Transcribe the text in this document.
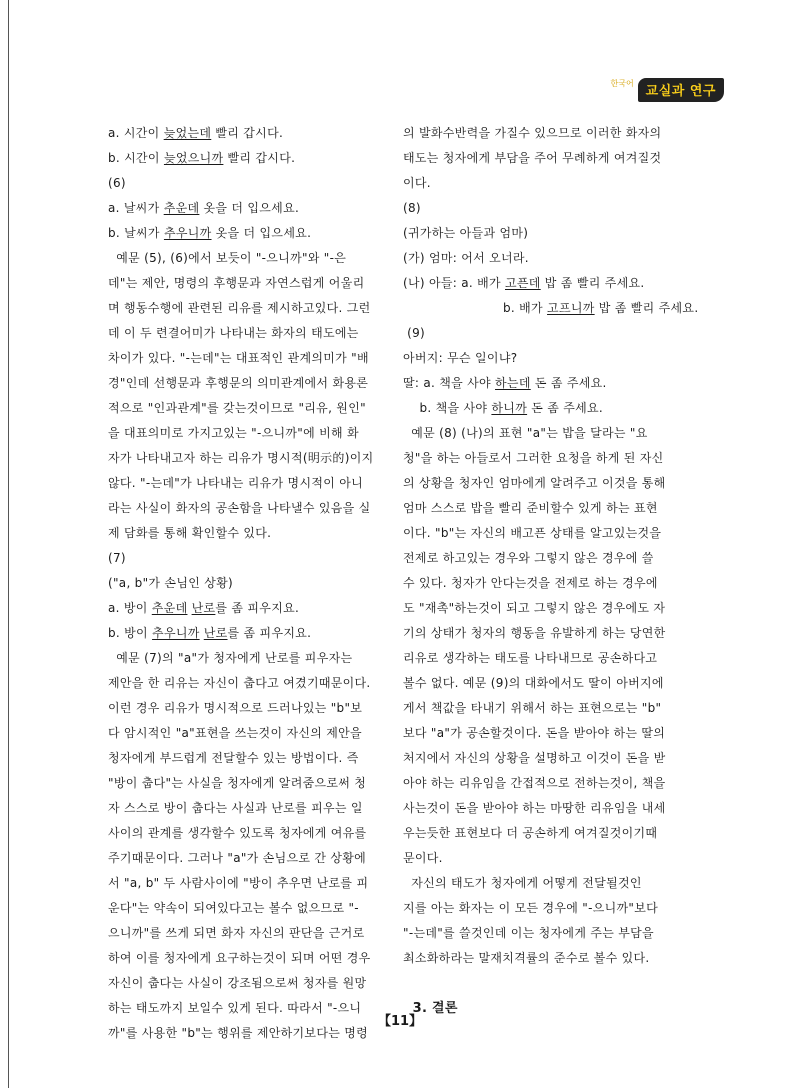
한국어
교실과 연구
a. 시간이 늦었는데 빨리 갑시다.
b. 시간이 늦었으니까 빨리 갑시다.
(6)
a. 날씨가 추운데 옷을 더 입으세요.
b. 날씨가 추우니까 옷을 더 입으세요.
예문 (5), (6)에서 보듯이 "-으니까"와 "-은
데"는 제안, 명령의 후행문과 자연스럽게 어울리
며 행동수행에 관련된 리유를 제시하고있다. 그런
데 이 두 련결어미가 나타내는 화자의 태도에는
차이가 있다. "-는데"는 대표적인 관계의미가 "배
경"인데 선행문과 후행문의 의미관계에서 화용론
적으로 "인과관계"를 갖는것이므로 "리유, 원인"
을 대표의미로 가지고있는 "-으니까"에 비해 화
자가 나타내고자 하는 리유가 명시적(明示的)이지
않다. "-는데"가 나타내는 리유가 명시적이 아니
라는 사실이 화자의 공손함을 나타낼수 있음을 실
제 담화를 통해 확인할수 있다.
(7)
("a, b"가 손님인 상황)
a. 방이 추운데 난로를 좀 피우지요.
b. 방이 추우니까 난로를 좀 피우지요.
예문 (7)의 "a"가 청자에게 난로를 피우자는
제안을 한 리유는 자신이 춥다고 여겼기때문이다.
이런 경우 리유가 명시적으로 드러나있는 "b"보
다 암시적인 "a"표현을 쓰는것이 자신의 제안을
청자에게 부드럽게 전달할수 있는 방법이다. 즉
"방이 춥다"는 사실을 청자에게 알려줌으로써 청
자 스스로 방이 춥다는 사실과 난로를 피우는 일
사이의 관계를 생각할수 있도록 청자에게 여유를
주기때문이다. 그러나 "a"가 손님으로 간 상황에
서 "a, b" 두 사람사이에 "방이 추우면 난로를 피
운다"는 약속이 되여있다고는 볼수 없으므로 "-
으니까"를 쓰게 되면 화자 자신의 판단을 근거로
하여 이를 청자에게 요구하는것이 되며 어떤 경우
자신이 춥다는 사실이 강조됨으로써 청자를 원망
하는 태도까지 보일수 있게 된다. 따라서 "-으니
까"를 사용한 "b"는 행위를 제안하기보다는 명령
의 발화수반력을 가질수 있으므로 이러한 화자의
태도는 청자에게 부담을 주어 무례하게 여겨질것
이다.
(8)
(귀가하는 아들과 엄마)
(가) 엄마: 어서 오너라.
(나) 아들: a. 배가 고픈데 밥 좀 빨리 주세요.
b. 배가 고프니까 밥 좀 빨리 주세요.
(9)
아버지: 무슨 일이냐?
딸: a. 책을 사야 하는데 돈 좀 주세요.
b. 책을 사야 하니까 돈 좀 주세요.
예문 (8) (나)의 표현 "a"는 밥을 달라는 "요
청"을 하는 아들로서 그러한 요청을 하게 된 자신
의 상황을 청자인 엄마에게 알려주고 이것을 통해
엄마 스스로 밥을 빨리 준비할수 있게 하는 표현
이다. "b"는 자신의 배고픈 상태를 알고있는것을
전제로 하고있는 경우와 그렇지 않은 경우에 쓸
수 있다. 청자가 안다는것을 전제로 하는 경우에
도 "재촉"하는것이 되고 그렇지 않은 경우에도 자
기의 상태가 청자의 행동을 유발하게 하는 당연한
리유로 생각하는 태도를 나타내므로 공손하다고
볼수 없다. 예문 (9)의 대화에서도 딸이 아버지에
게서 책값을 타내기 위해서 하는 표현으로는 "b"
보다 "a"가 공손할것이다. 돈을 받아야 하는 딸의
처지에서 자신의 상황을 설명하고 이것이 돈을 받
아야 하는 리유임을 간접적으로 전하는것이, 책을
사는것이 돈을 받아야 하는 마땅한 리유임을 내세
우는듯한 표현보다 더 공손하게 여겨질것이기때
문이다.
자신의 태도가 청자에게 어떻게 전달될것인
지를 아는 화자는 이 모든 경우에 "-으니까"보다
"-는데"를 쓸것인데 이는 청자에게 주는 부담을
최소화하라는 말재치격률의 준수로 볼수 있다.
3. 결론
【11】
